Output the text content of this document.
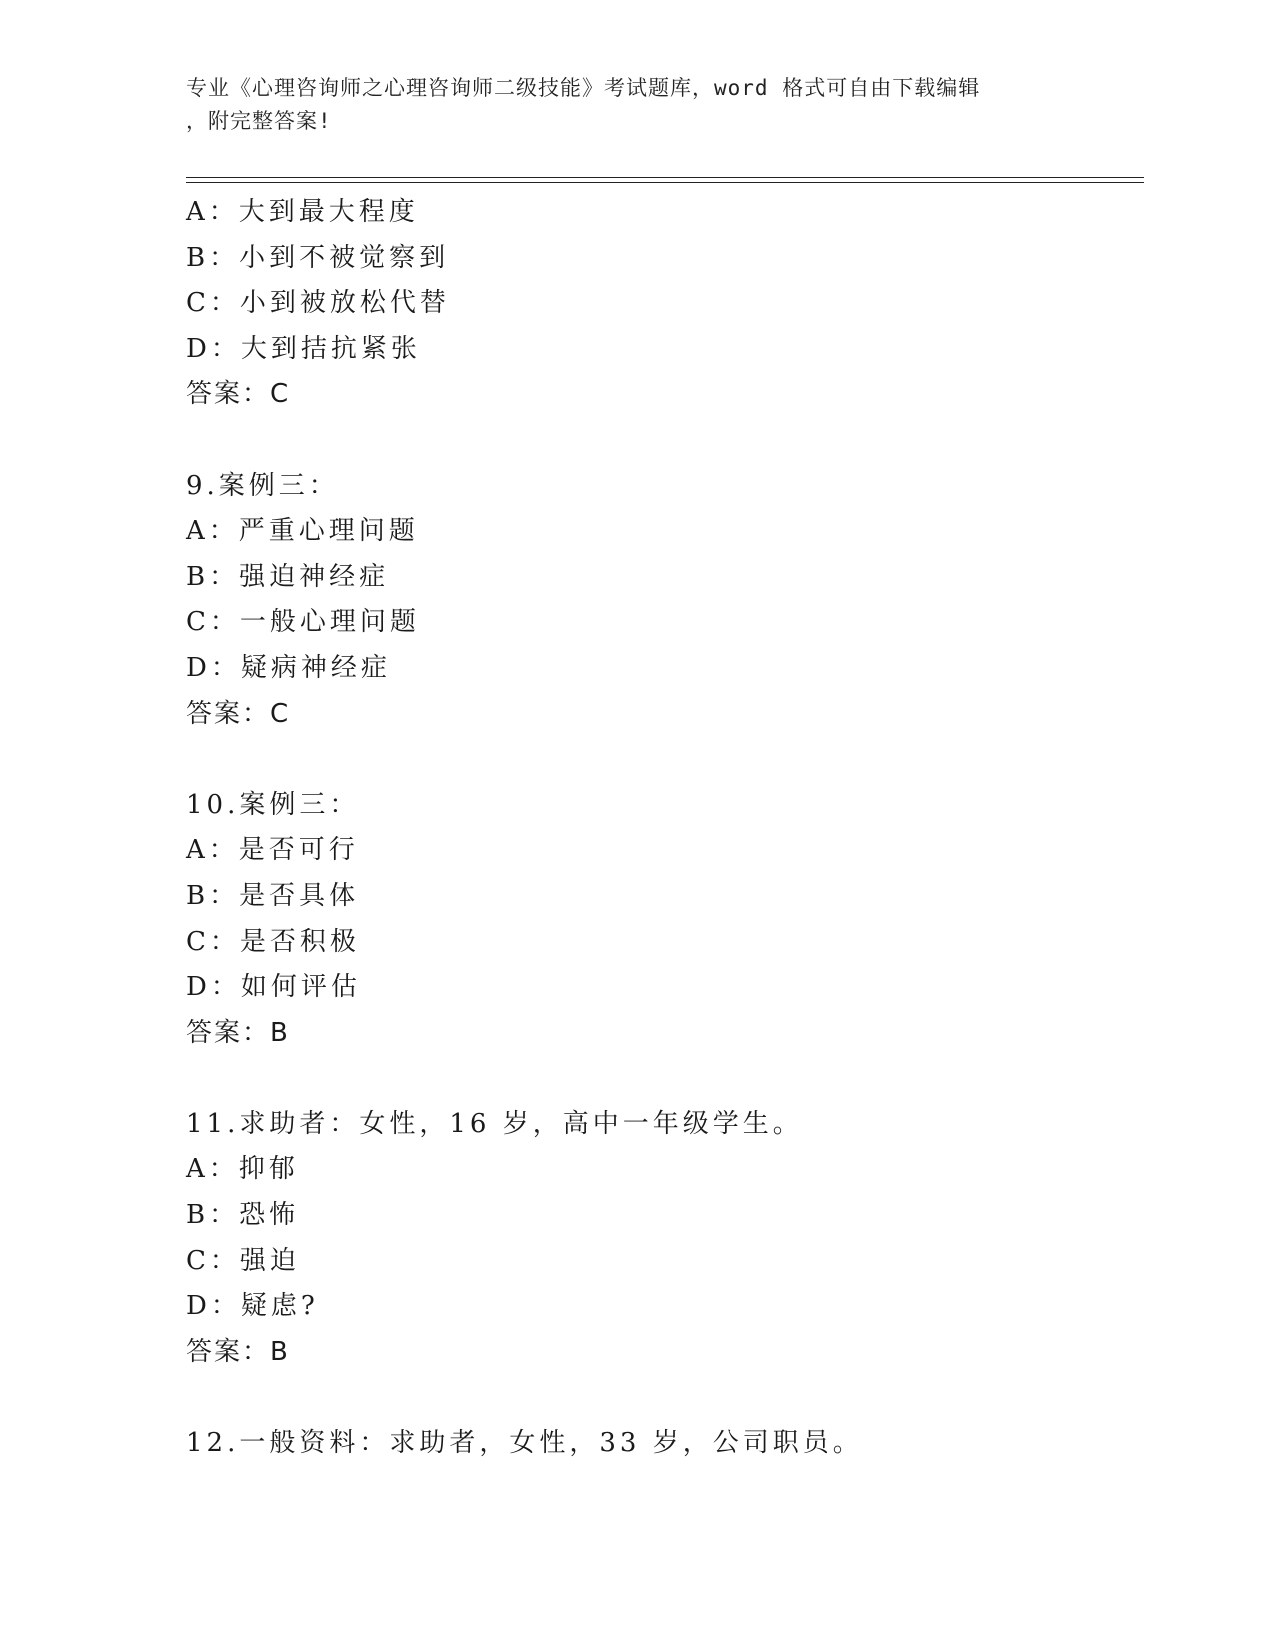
专业《心理咨询师之心理咨询师二级技能》考试题库，word 格式可自由下载编辑
，附完整答案!
A：大到最大程度
B：小到不被觉察到
C：小到被放松代替
D：大到拮抗紧张
答案：C
9.案例三：
A：严重心理问题
B：强迫神经症
C：一般心理问题
D：疑病神经症
答案：C
10.案例三：
A：是否可行
B：是否具体
C：是否积极
D：如何评估
答案：B
11.求助者：女性，16 岁，高中一年级学生。
A：抑郁
B：恐怖
C：强迫
D：疑虑?
答案：B
12.一般资料：求助者，女性，33 岁，公司职员。
